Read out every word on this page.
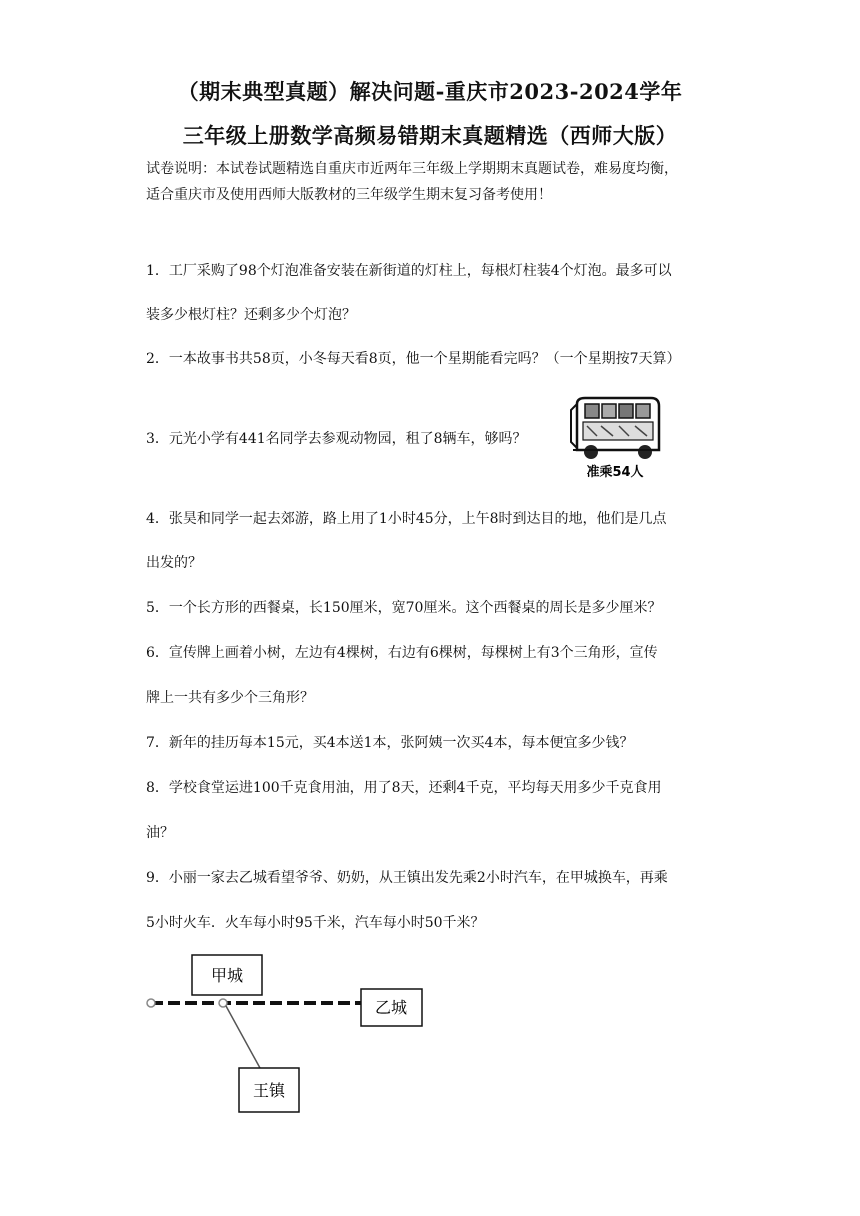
（期末典型真题）解决问题-重庆市2023-2024学年
三年级上册数学高频易错期末真题精选（西师大版）
试卷说明：本试卷试题精选自重庆市近两年三年级上学期期末真题试卷，难易度均衡，
适合重庆市及使用西师大版教材的三年级学生期末复习备考使用！
1．工厂采购了98个灯泡准备安装在新街道的灯柱上，每根灯柱装4个灯泡。最多可以
装多少根灯柱？还剩多少个灯泡？
2．一本故事书共58页，小冬每天看8页，他一个星期能看完吗？（一个星期按7天算）
3．元光小学有441名同学去参观动物园，租了8辆车，够吗？
准乘54人
4．张昊和同学一起去郊游，路上用了1小时45分，上午8时到达目的地，他们是几点
出发的？
5．一个长方形的西餐桌，长150厘米，宽70厘米。这个西餐桌的周长是多少厘米？
6．宣传牌上画着小树，左边有4棵树，右边有6棵树，每棵树上有3个三角形，宣传
牌上一共有多少个三角形？
7．新年的挂历每本15元，买4本送1本，张阿姨一次买4本，每本便宜多少钱？
8．学校食堂运进100千克食用油，用了8天，还剩4千克，平均每天用多少千克食用
油？
9．小丽一家去乙城看望爷爷、奶奶，从王镇出发先乘2小时汽车，在甲城换车，再乘
5小时火车．火车每小时95千米，汽车每小时50千米？
甲城
乙城
王镇
